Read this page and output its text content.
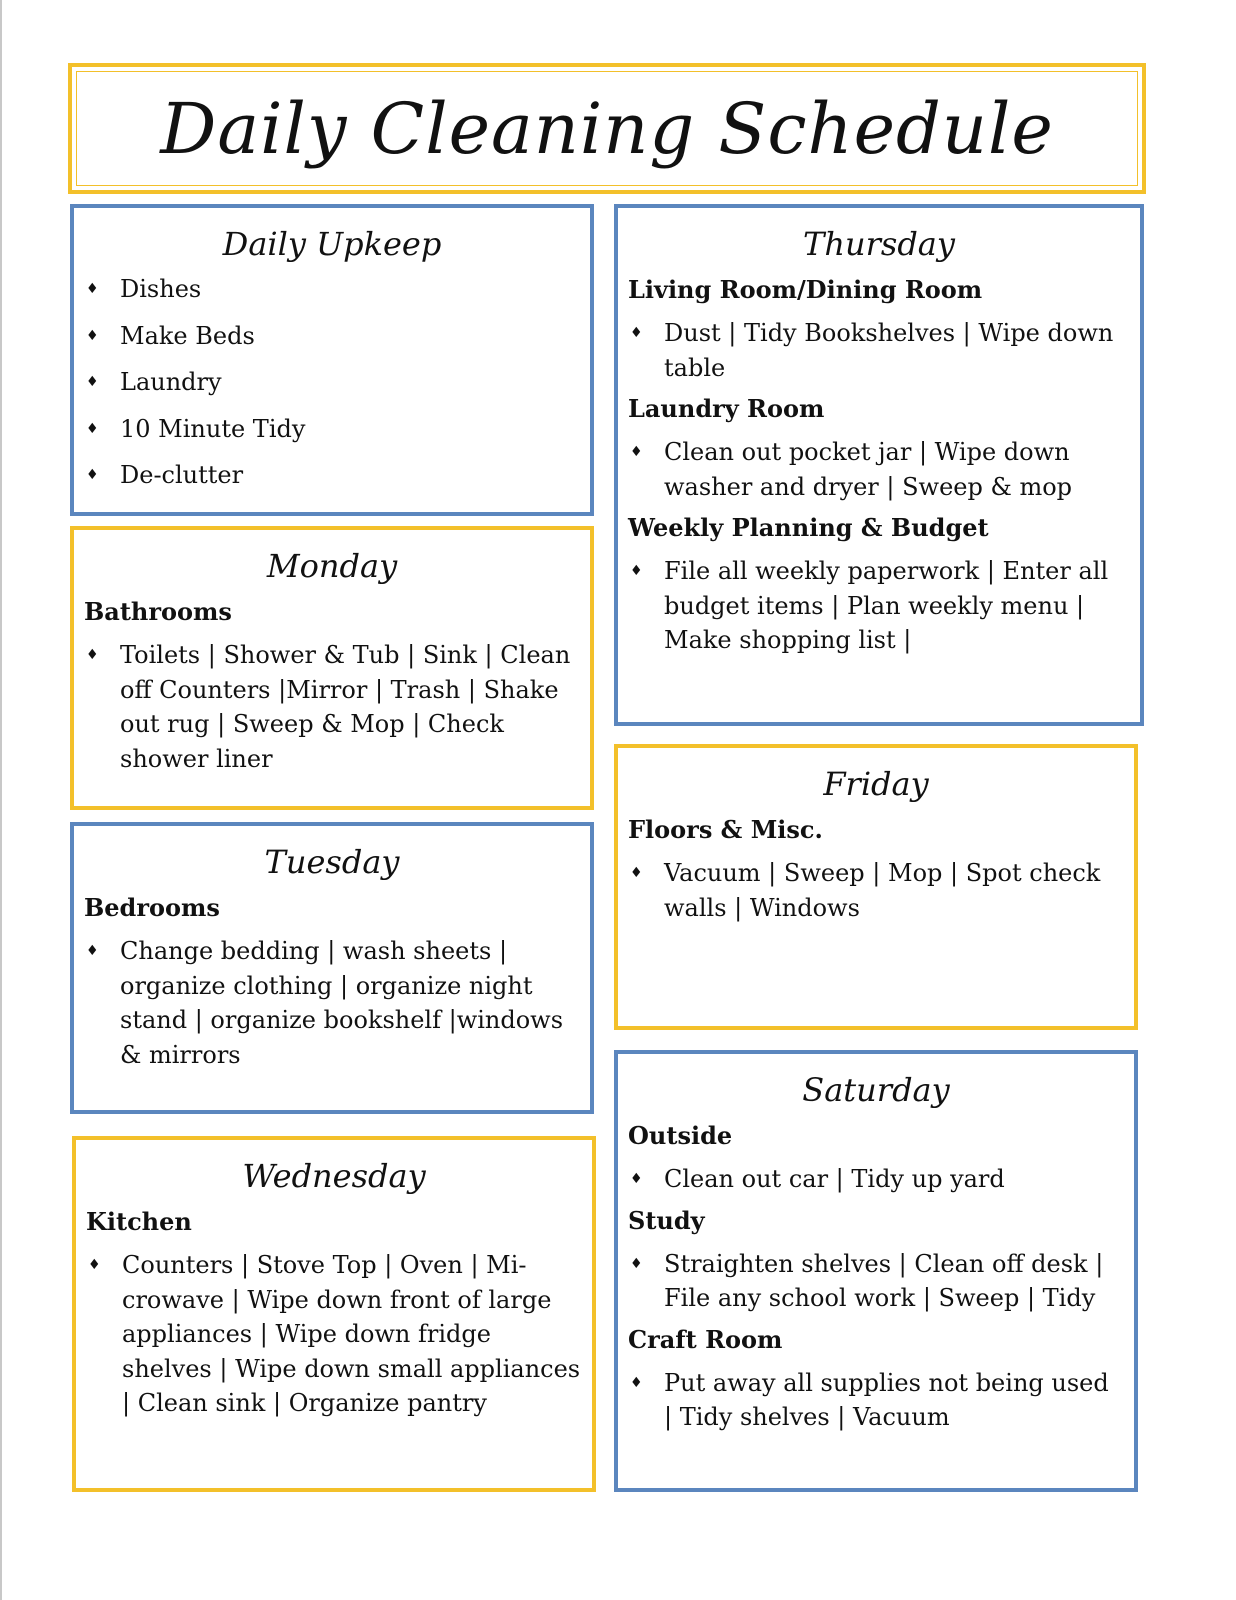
Daily Cleaning Schedule
Daily Upkeep
♦ Dishes
♦ Make Beds
♦ Laundry
♦ 10 Minute Tidy
♦ De-clutter
Monday
Bathrooms
♦ Toilets | Shower & Tub | Sink | Clean off Counters |Mirror | Trash | Shake out rug | Sweep & Mop | Check shower liner
Tuesday
Bedrooms
♦ Change bedding | wash sheets | organize clothing | organize night stand | organize bookshelf |windows & mirrors
Wednesday
Kitchen
♦ Counters | Stove Top | Oven | Mi-crowave | Wipe down front of large appliances | Wipe down fridge shelves | Wipe down small appliances | Clean sink | Organize pantry
Thursday
Living Room/Dining Room
♦ Dust | Tidy Bookshelves | Wipe down table
Laundry Room
♦ Clean out pocket jar | Wipe down washer and dryer | Sweep & mop
Weekly Planning & Budget
♦ File all weekly paperwork | Enter all budget items | Plan weekly menu | Make shopping list |
Friday
Floors & Misc.
♦ Vacuum | Sweep | Mop | Spot check walls | Windows
Saturday
Outside
♦ Clean out car | Tidy up yard
Study
♦ Straighten shelves | Clean off desk | File any school work | Sweep | Tidy
Craft Room
♦ Put away all supplies not being used | Tidy shelves | Vacuum
